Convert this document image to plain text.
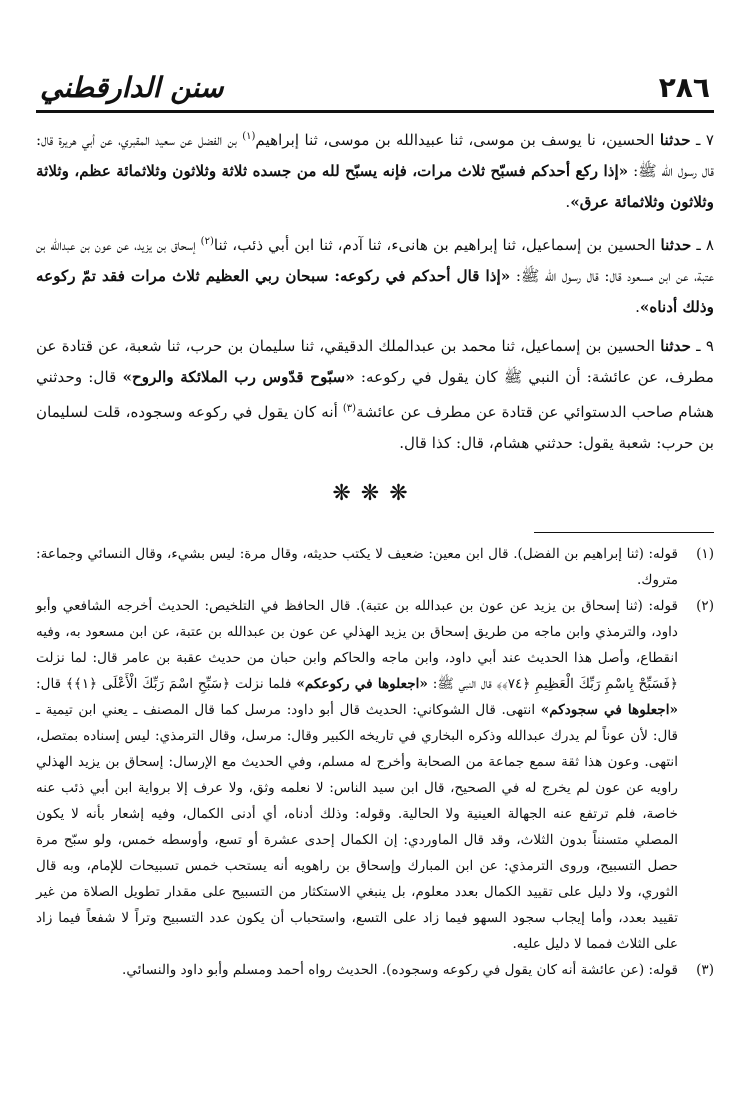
٢٨٦
سنن الدارقطني

٧ ـ حدثنا الحسين، نا يوسف بن موسى، ثنا عبيدالله بن موسى، ثنا إبراهيم$^{(١)}$ بن الفضل عن سعيد المقبري، عن أبي هريرة قال: قال رسول الله ﷺ: «إذا ركع أحدكم فسبّح ثلاث مرات، فإنه يسبّح لله من جسده ثلاثة وثلاثون وثلاثمائة عظم، وثلاثة وثلاثون وثلاثمائة عرق».

٨ ـ حدثنا الحسين بن إسماعيل، ثنا إبراهيم بن هانىء، ثنا آدم، ثنا ابن أبي ذئب، ثنا$^{(٢)}$ إسحاق بن يزيد، عن عون بن عبدالله بن عتبة، عن ابن مسعود قال: قال رسول الله ﷺ: «إذا قال أحدكم في ركوعه: سبحان ربي العظيم ثلاث مرات فقد تمّ ركوعه وذلك أدناه».

٩ ـ حدثنا الحسين بن إسماعيل، ثنا محمد بن عبدالملك الدقيقي، ثنا سليمان بن حرب، ثنا شعبة، عن قتادة عن مطرف، عن عائشة: أن النبي ﷺ كان يقول في ركوعه: «سبّوح قدّوس رب الملائكة والروح» قال: وحدثني هشام صاحب الدستوائي عن قتادة عن مطرف عن عائشة$^{(٣)}$ أنه كان يقول في ركوعه وسجوده، قلت لسليمان بن حرب: شعبة يقول: حدثني هشام، قال: كذا قال.

❋❋❋
(١)
قوله: (ثنا إبراهيم بن الفضل). قال ابن معين: ضعيف لا يكتب حديثه، وقال مرة: ليس بشيء، وقال النسائي وجماعة: متروك.
(٢)
قوله: (ثنا إسحاق بن يزيد عن عون بن عبدالله بن عتبة). قال الحافظ في التلخيص: الحديث أخرجه الشافعي وأبو داود، والترمذي وابن ماجه من طريق إسحاق بن يزيد الهذلي عن عون بن عبدالله بن عتبة، عن ابن مسعود به، وفيه انقطاع، وأصل هذا الحديث عند أبي داود، وابن ماجه والحاكم وابن حبان من حديث عقبة بن عامر قال: لما نزلت ﴿فَسَبِّحْ بِاسْمِ رَبِّكَ الْعَظِيمِ ﴿٧٤﴾﴾ قال النبي ﷺ: «اجعلوها في ركوعكم» فلما نزلت ﴿سَبِّحِ اسْمَ رَبِّكَ الْأَعْلَى ﴿١﴾﴾ قال: «اجعلوها في سجودكم» انتهى. قال الشوكاني: الحديث قال أبو داود: مرسل كما قال المصنف ـ يعني ابن تيمية ـ قال: لأن عوناً لم يدرك عبدالله وذكره البخاري في تاريخه الكبير وقال: مرسل، وقال الترمذي: ليس إسناده بمتصل، انتهى. وعون هذا ثقة سمع جماعة من الصحابة وأخرج له مسلم، وفي الحديث مع الإرسال: إسحاق بن يزيد الهذلي راويه عن عون لم يخرج له في الصحيح، قال ابن سيد الناس: لا نعلمه وثق، ولا عرف إلا برواية ابن أبي ذئب عنه خاصة، فلم ترتفع عنه الجهالة العينية ولا الحالية. وقوله: وذلك أدناه، أي أدنى الكمال، وفيه إشعار بأنه لا يكون المصلي متسنناً بدون الثلاث، وقد قال الماوردي: إن الكمال إحدى عشرة أو تسع، وأوسطه خمس، ولو سبّح مرة حصل التسبيح، وروى الترمذي: عن ابن المبارك وإسحاق بن راهويه أنه يستحب خمس تسبيحات للإمام، وبه قال الثوري، ولا دليل على تقييد الكمال بعدد معلوم، بل ينبغي الاستكثار من التسبيح على مقدار تطويل الصلاة من غير تقييد بعدد، وأما إيجاب سجود السهو فيما زاد على التسع، واستحباب أن يكون عدد التسبيح وتراً لا شفعاً فيما زاد على الثلاث فمما لا دليل عليه.
(٣)
قوله: (عن عائشة أنه كان يقول في ركوعه وسجوده). الحديث رواه أحمد ومسلم وأبو داود والنسائي.
